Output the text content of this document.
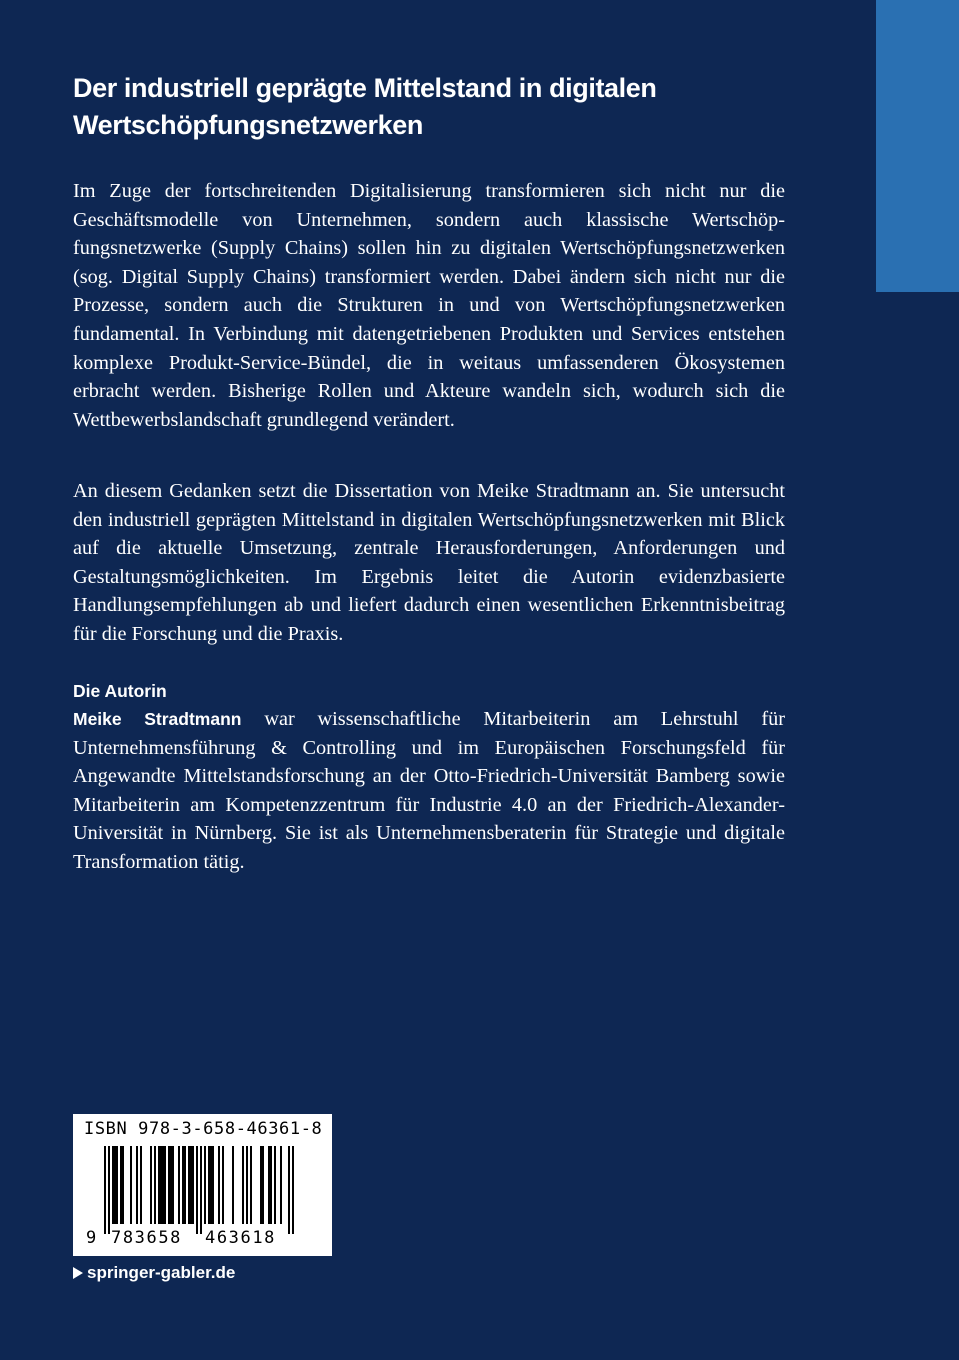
Der industriell geprägte Mittelstand in digitalen
Wertschöpfungsnetzwerken

Im Zuge der fortschreitenden Digitalisierung transformieren sich nicht nur die Geschäftsmodelle von Unternehmen, sondern auch klassische Wertschöpfungsnetzwerke (Supply Chains) sollen hin zu digitalen Wertschöpfungsnetzwerken (sog. Digital Supply Chains) transformiert werden. Dabei ändern sich nicht nur die Prozesse, sondern auch die Strukturen in und von Wertschöpfungsnetzwerken fundamental. In Verbindung mit datengetriebenen Produkten und Services entstehen komplexe Produkt-Service-Bündel, die in weitaus umfassenderen Ökosystemen erbracht werden. Bisherige Rollen und Akteure wandeln sich, wodurch sich die Wettbewerbslandschaft grundlegend verändert.

An diesem Gedanken setzt die Dissertation von Meike Stradtmann an. Sie untersucht den industriell geprägten Mittelstand in digitalen Wertschöpfungsnetzwerken mit Blick auf die aktuelle Umsetzung, zentrale Herausforderungen, Anforderungen und Gestaltungsmöglichkeiten. Im Ergebnis leitet die Autorin evidenzbasierte Handlungsempfehlungen ab und liefert dadurch einen wesentlichen Erkenntnisbeitrag für die Forschung und die Praxis.

Die Autorin

Meike Stradtmann war wissenschaftliche Mitarbeiterin am Lehrstuhl für Unternehmensführung & Controlling und im Europäischen Forschungsfeld für Angewandte Mittelstandsforschung an der Otto-Friedrich-Universität Bamberg sowie Mitarbeiterin am Kompetenzzentrum für Industrie 4.0 an der Friedrich-Alexander-Universität in Nürnberg. Sie ist als Unternehmensberaterin für Strategie und digitale Transformation tätig.

ISBN 978-3-658-46361-8
9 783658 463618
springer-gabler.de
